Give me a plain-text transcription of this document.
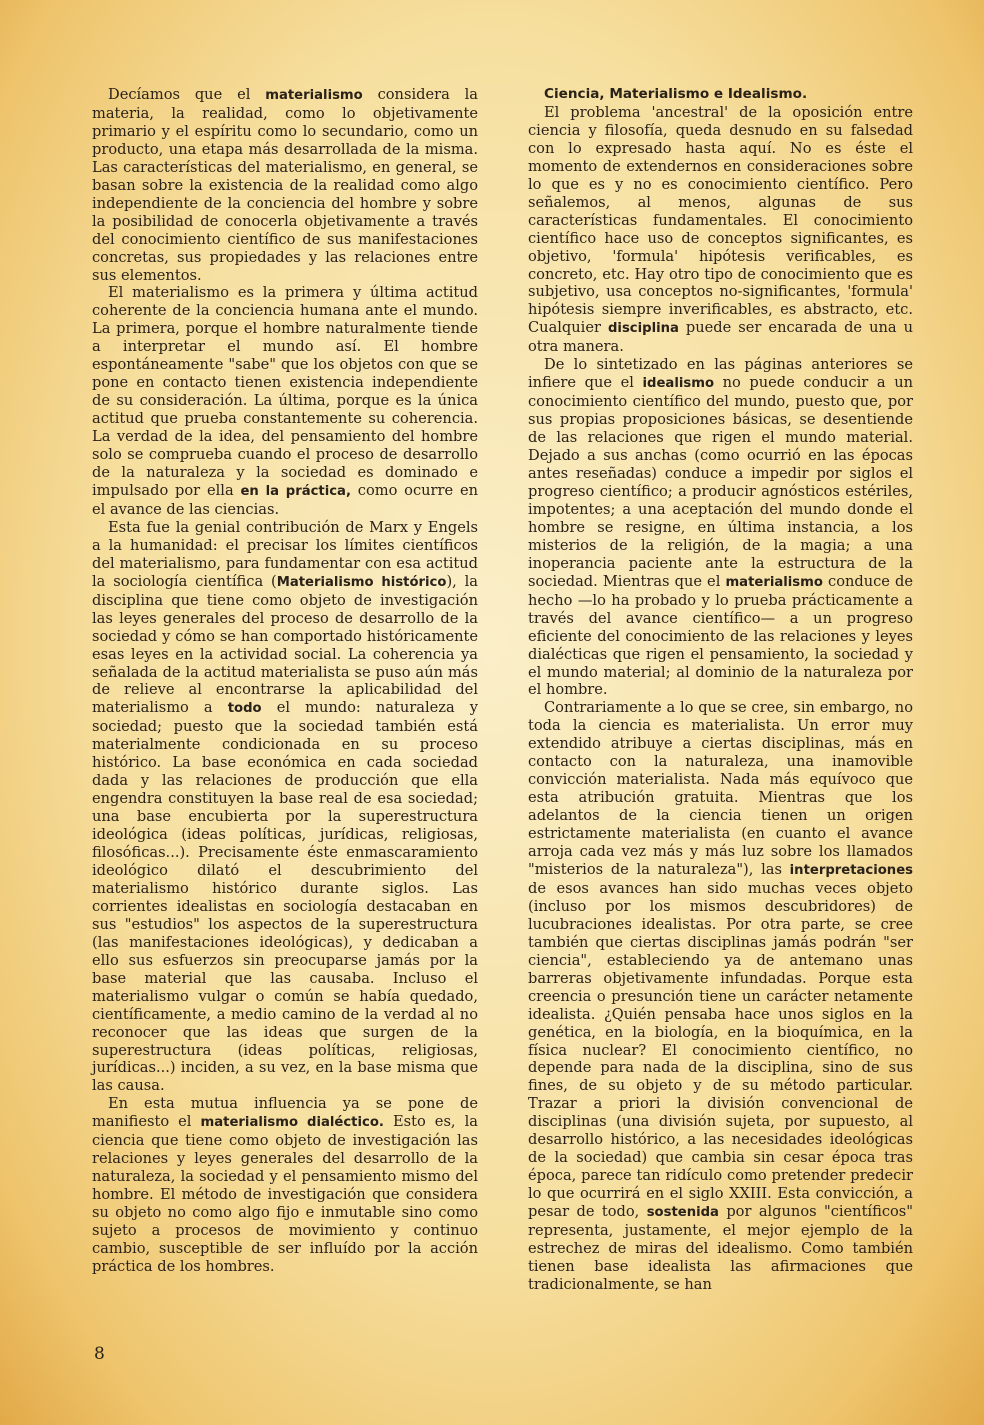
Decíamos que el materialismo considera la materia, la realidad, como lo objetivamente primario y el espíritu como lo secundario, como un producto, una etapa más desarrollada de la misma. Las características del materialismo, en general, se basan sobre la existencia de la realidad como algo independiente de la conciencia del hombre y sobre la posibilidad de conocerla objetivamente a través del conocimiento científico de sus manifestaciones concretas, sus propiedades y las relaciones entre sus elementos.

El materialismo es la primera y última actitud coherente de la conciencia humana ante el mundo. La primera, porque el hombre naturalmente tiende a interpretar el mundo así. El hombre espontáneamente "sabe" que los objetos con que se pone en contacto tienen existencia independiente de su consideración. La última, porque es la única actitud que prueba constantemente su coherencia. La verdad de la idea, del pensamiento del hombre solo se comprueba cuando el proceso de desarrollo de la naturaleza y la sociedad es dominado e impulsado por ella en la práctica, como ocurre en el avance de las ciencias.

Esta fue la genial contribución de Marx y Engels a la humanidad: el precisar los límites científicos del materialismo, para fundamentar con esa actitud la sociología científica (Materialismo histórico), la disciplina que tiene como objeto de investigación las leyes generales del proceso de desarrollo de la sociedad y cómo se han comportado históricamente esas leyes en la actividad social. La coherencia ya señalada de la actitud materialista se puso aún más de relieve al encontrarse la aplicabilidad del materialismo a todo el mundo: naturaleza y sociedad; puesto que la sociedad también está materialmente condicionada en su proceso histórico. La base económica en cada sociedad dada y las relaciones de producción que ella engendra constituyen la base real de esa sociedad; una base encubierta por la superestructura ideológica (ideas políticas, jurídicas, religiosas, filosóficas...). Precisamente éste enmascaramiento ideológico dilató el descubrimiento del materialismo histórico durante siglos. Las corrientes idealistas en sociología destacaban en sus "estudios" los aspectos de la superestructura (las manifestaciones ideológicas), y dedicaban a ello sus esfuerzos sin preocuparse jamás por la base material que las causaba. Incluso el materialismo vulgar o común se había quedado, científicamente, a medio camino de la verdad al no reconocer que las ideas que surgen de la superestructura (ideas políticas, religiosas, jurídicas...) inciden, a su vez, en la base misma que las causa.

En esta mutua influencia ya se pone de manifiesto el materialismo dialéctico. Esto es, la ciencia que tiene como objeto de investigación las relaciones y leyes generales del desarrollo de la naturaleza, la sociedad y el pensamiento mismo del hombre. El método de investigación que considera su objeto no como algo fijo e inmutable sino como sujeto a procesos de movimiento y continuo cambio, susceptible de ser influído por la acción práctica de los hombres.

Ciencia, Materialismo e Idealismo.

El problema 'ancestral' de la oposición entre ciencia y filosofía, queda desnudo en su falsedad con lo expresado hasta aquí. No es éste el momento de extendernos en consideraciones sobre lo que es y no es conocimiento científico. Pero señalemos, al menos, algunas de sus características fundamentales. El conocimiento científico hace uso de conceptos significantes, es objetivo, 'formula' hipótesis verificables, es concreto, etc. Hay otro tipo de conocimiento que es subjetivo, usa conceptos no-significantes, 'formula' hipótesis siempre inverificables, es abstracto, etc. Cualquier disciplina puede ser encarada de una u otra manera.

De lo sintetizado en las páginas anteriores se infiere que el idealismo no puede conducir a un conocimiento científico del mundo, puesto que, por sus propias proposiciones básicas, se desentiende de las relaciones que rigen el mundo material. Dejado a sus anchas (como ocurrió en las épocas antes reseñadas) conduce a impedir por siglos el progreso científico; a producir agnósticos estériles, impotentes; a una aceptación del mundo donde el hombre se resigne, en última instancia, a los misterios de la religión, de la magia; a una inoperancia paciente ante la estructura de la sociedad. Mientras que el materialismo conduce de hecho —lo ha probado y lo prueba prácticamente a través del avance científico— a un progreso eficiente del conocimiento de las relaciones y leyes dialécticas que rigen el pensamiento, la sociedad y el mundo material; al dominio de la naturaleza por el hombre.

Contrariamente a lo que se cree, sin embargo, no toda la ciencia es materialista. Un error muy extendido atribuye a ciertas disciplinas, más en contacto con la naturaleza, una inamovible convicción materialista. Nada más equívoco que esta atribución gratuita. Mientras que los adelantos de la ciencia tienen un origen estrictamente materialista (en cuanto el avance arroja cada vez más y más luz sobre los llamados "misterios de la naturaleza"), las interpretaciones de esos avances han sido muchas veces objeto (incluso por los mismos descubridores) de lucubraciones idealistas. Por otra parte, se cree también que ciertas disciplinas jamás podrán "ser ciencia", estableciendo ya de antemano unas barreras objetivamente infundadas. Porque esta creencia o presunción tiene un carácter netamente idealista. ¿Quién pensaba hace unos siglos en la genética, en la biología, en la bioquímica, en la física nuclear? El conocimiento científico, no depende para nada de la disciplina, sino de sus fines, de su objeto y de su método particular. Trazar a priori la división convencional de disciplinas (una división sujeta, por supuesto, al desarrollo histórico, a las necesidades ideológicas de la sociedad) que cambia sin cesar época tras época, parece tan ridículo como pretender predecir lo que ocurrirá en el siglo XXIII. Esta convicción, a pesar de todo, sostenida por algunos "científicos" representa, justamente, el mejor ejemplo de la estrechez de miras del idealismo. Como también tienen base idealista las afirmaciones que tradicionalmente, se han

8
